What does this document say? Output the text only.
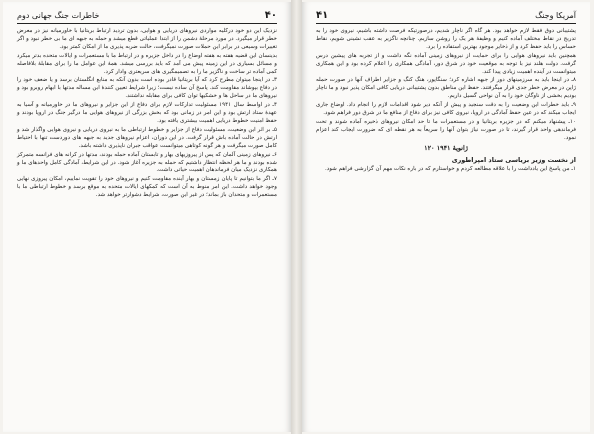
۴۰
خاطرات جنگ جهانی دوم

نزدیک این دو خود درکلیه مواردی نیروهای دریایی و هوایی، بدون تردید ارتباط بریتانیا با خاورمیانه نیز در معرض خطر قرار میگیرد. در مورد مرحلهٔ دشمن را از ابتدا عملیاتی قطع میشد و حمله به جبهه ای ما بی خطر نبود و اگر تغییرات وسیعی در برابر این حملات صورت نمیگرفت، حالت ضربه پذیری ما از امکان کمتر بود.

بدینسان این قضیه هفته به هفته اوضاع را در داخل جزیره و در ارتباط ما با مستعمرات و ایالات متحده بدتر میکرد و مسائل بسیاری در این زمینه پیش می آمد که باید بررسی میشد. همهٔ این عوامل ما را برای مقابلهٔ بلافاصله کمی آماده تر ساخت و ناگزیر ما را به تصمیمگیری های سریعتری وادار کرد.

۳ـ در اینجا میتوان مطرح کرد که آیا بریتانیا قادر بوده است بدون آنکه به منابع انگلستان برسد و یا ضعف خود را در دفاع بپوشاند مقاومت کند. پاسخ آن ساده نیست؛ زیرا شرایط تعیین کنندهٔ این مساله مدتها با ابهام روبرو بود و نیروهای ما در ساحل ها و خشکیها توان کافی برای مقابله نداشتند.

۴ـ در اواسط سال ۱۹۴۱ مسئولیت تدارکات لازم برای دفاع از این جزایر و نیروهای ما در خاورمیانه و آسیا به عهدهٔ ستاد ارتش بود و این امر در زمانی بود که بخش بزرگی از نیروهای هوایی ما درگیر جنگ در اروپا بودند و حفظ امنیت خطوط دریایی اهمیت بیشتری یافته بود.

۵ـ بر اثر این وضعیت، مسئولیت دفاع از جزایر و خطوط ارتباطی ما به نیروی دریایی و نیروی هوایی واگذار شد و ارتش در حالت آماده باش قرار گرفت. در این دوران، اعزام نیروهای جدید به جبهه های دوردست تنها با احتیاط کامل صورت میگرفت و هر گونه کوتاهی میتوانست عواقب جبران ناپذیری داشته باشد.

۶ـ نیروهای زمینی آلمان که پس از پیروزیهای بهار و تابستان آماده حمله بودند، مدتها در کرانه های فرانسه متمرکز شده بودند و ما هر لحظه انتظار داشتیم که حمله به جزیره آغاز شود. در این شرایط، آمادگی کامل واحدهای ما و همکاری نزدیک میان فرماندهان اهمیت حیاتی داشت.

۷ـ اگر ما بتوانیم تا پایان زمستان و بهار آینده مقاومت کنیم و نیروهای خود را تقویت نماییم، امکان پیروزی نهایی وجود خواهد داشت. این امر منوط به آن است که کمکهای ایالات متحده به موقع برسد و خطوط ارتباطی ما با مستعمرات و متحدان باز بماند؛ در غیر این صورت، شرایط دشوارتر خواهد شد.

آمریکا وجنگ
۴۱

پشتیبانی دوق فقط لازم خواهد بود. هر گاه اگر ناچار شدیم، درصورتیکه فرصت داشته باشیم، نیروی خود را به تدریج در نقاط مختلف آماده کنیم و وظیفهٔ هر یک را روشن سازیم. چنانچه ناگزیر به عقب نشینی شویم، نقاط حساس را باید حفظ کرد و از ذخایر موجود بهترین استفاده را برد.

همچنین باید نیروهای هوایی را برای حمایت از نیروهای زمینی آماده نگه داشت و از تجربه های پیشین درس گرفت. دولت هلند نیز با توجه به موقعیت خود در شرق دور، آمادگی همکاری را اعلام کرده بود و این همکاری میتوانست در آینده اهمیت زیادی پیدا کند.

۸ـ در اینجا باید به سرزمینهای دور از جبهه اشاره کرد؛ سنگاپور، هنگ کنگ و جزایر اطراف آنها در صورت حمله ژاپن در معرض خطر جدی قرار میگرفتند. حفظ این مناطق بدون پشتیبانی دریایی کافی امکان پذیر نبود و ما ناچار بودیم بخشی از ناوگان خود را به آن نواحی گسیل داریم.

۹ـ باید خطرات این وضعیت را به دقت سنجید و پیش از آنکه دیر شود اقدامات لازم را انجام داد. اوضاع جاری ایجاب میکند که در عین حفظ آمادگی در اروپا، نیروی کافی نیز برای دفاع از منافع ما در شرق دور فراهم شود.

۱۰ـ پیشنهاد میکنم که در جزیره بریتانیا و در مستعمرات ما تا حد امکان نیروهای ذخیره آماده شوند و تحت فرماندهی واحد قرار گیرند، تا در صورت نیاز بتوان آنها را سریعاً به هر نقطه ای که ضرورت ایجاب کند اعزام نمود.

۱۲۰ ژانویهٔ ۱۹۴۱
از نخست وزیر بریاسی ستاد امپراطوری

۱ـ من پاسخ این یادداشت را با علاقه مطالعه کردم و خواستارم که در باره نکات مهم آن گزارشی فراهم شود.
